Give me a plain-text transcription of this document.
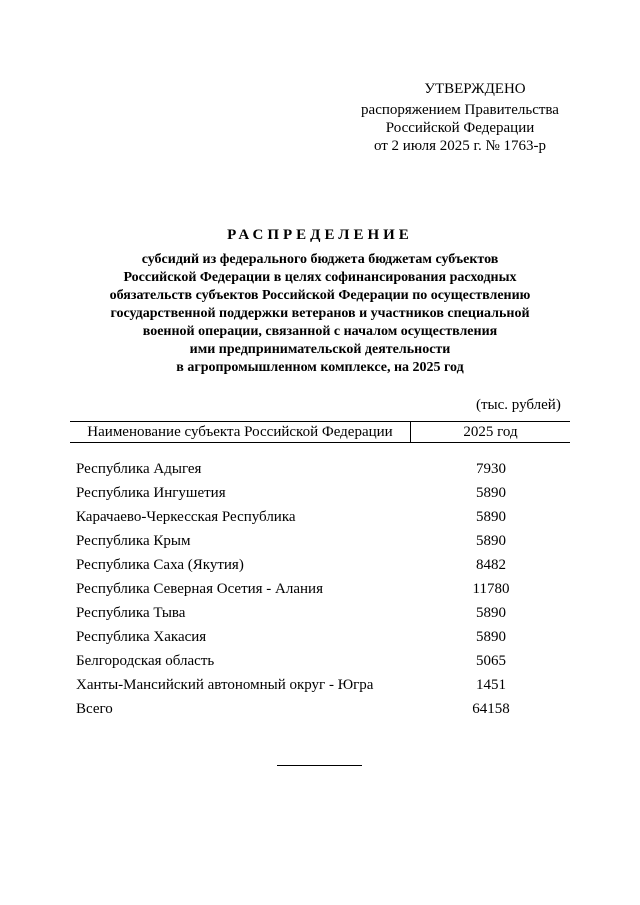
УТВЕРЖДЕНО
распоряжением Правительства
Российской Федерации
от 2 июля 2025 г. № 1763-р
РАСПРЕДЕЛЕНИЕ
субсидий из федерального бюджета бюджетам субъектов
Российской Федерации в целях софинансирования расходных
обязательств субъектов Российской Федерации по осуществлению
государственной поддержки ветеранов и участников специальной
военной операции, связанной с началом осуществления
ими предпринимательской деятельности
в агропромышленном комплексе, на 2025 год
(тыс. рублей)
Наименование субъекта Российской Федерации	2025 год
Республика Адыгея	7930
Республика Ингушетия	5890
Карачаево-Черкесская Республика	5890
Республика Крым	5890
Республика Саха (Якутия)	8482
Республика Северная Осетия - Алания	11780
Республика Тыва	5890
Республика Хакасия	5890
Белгородская область	5065
Ханты-Мансийский автономный округ - Югра	1451
Всего	64158
